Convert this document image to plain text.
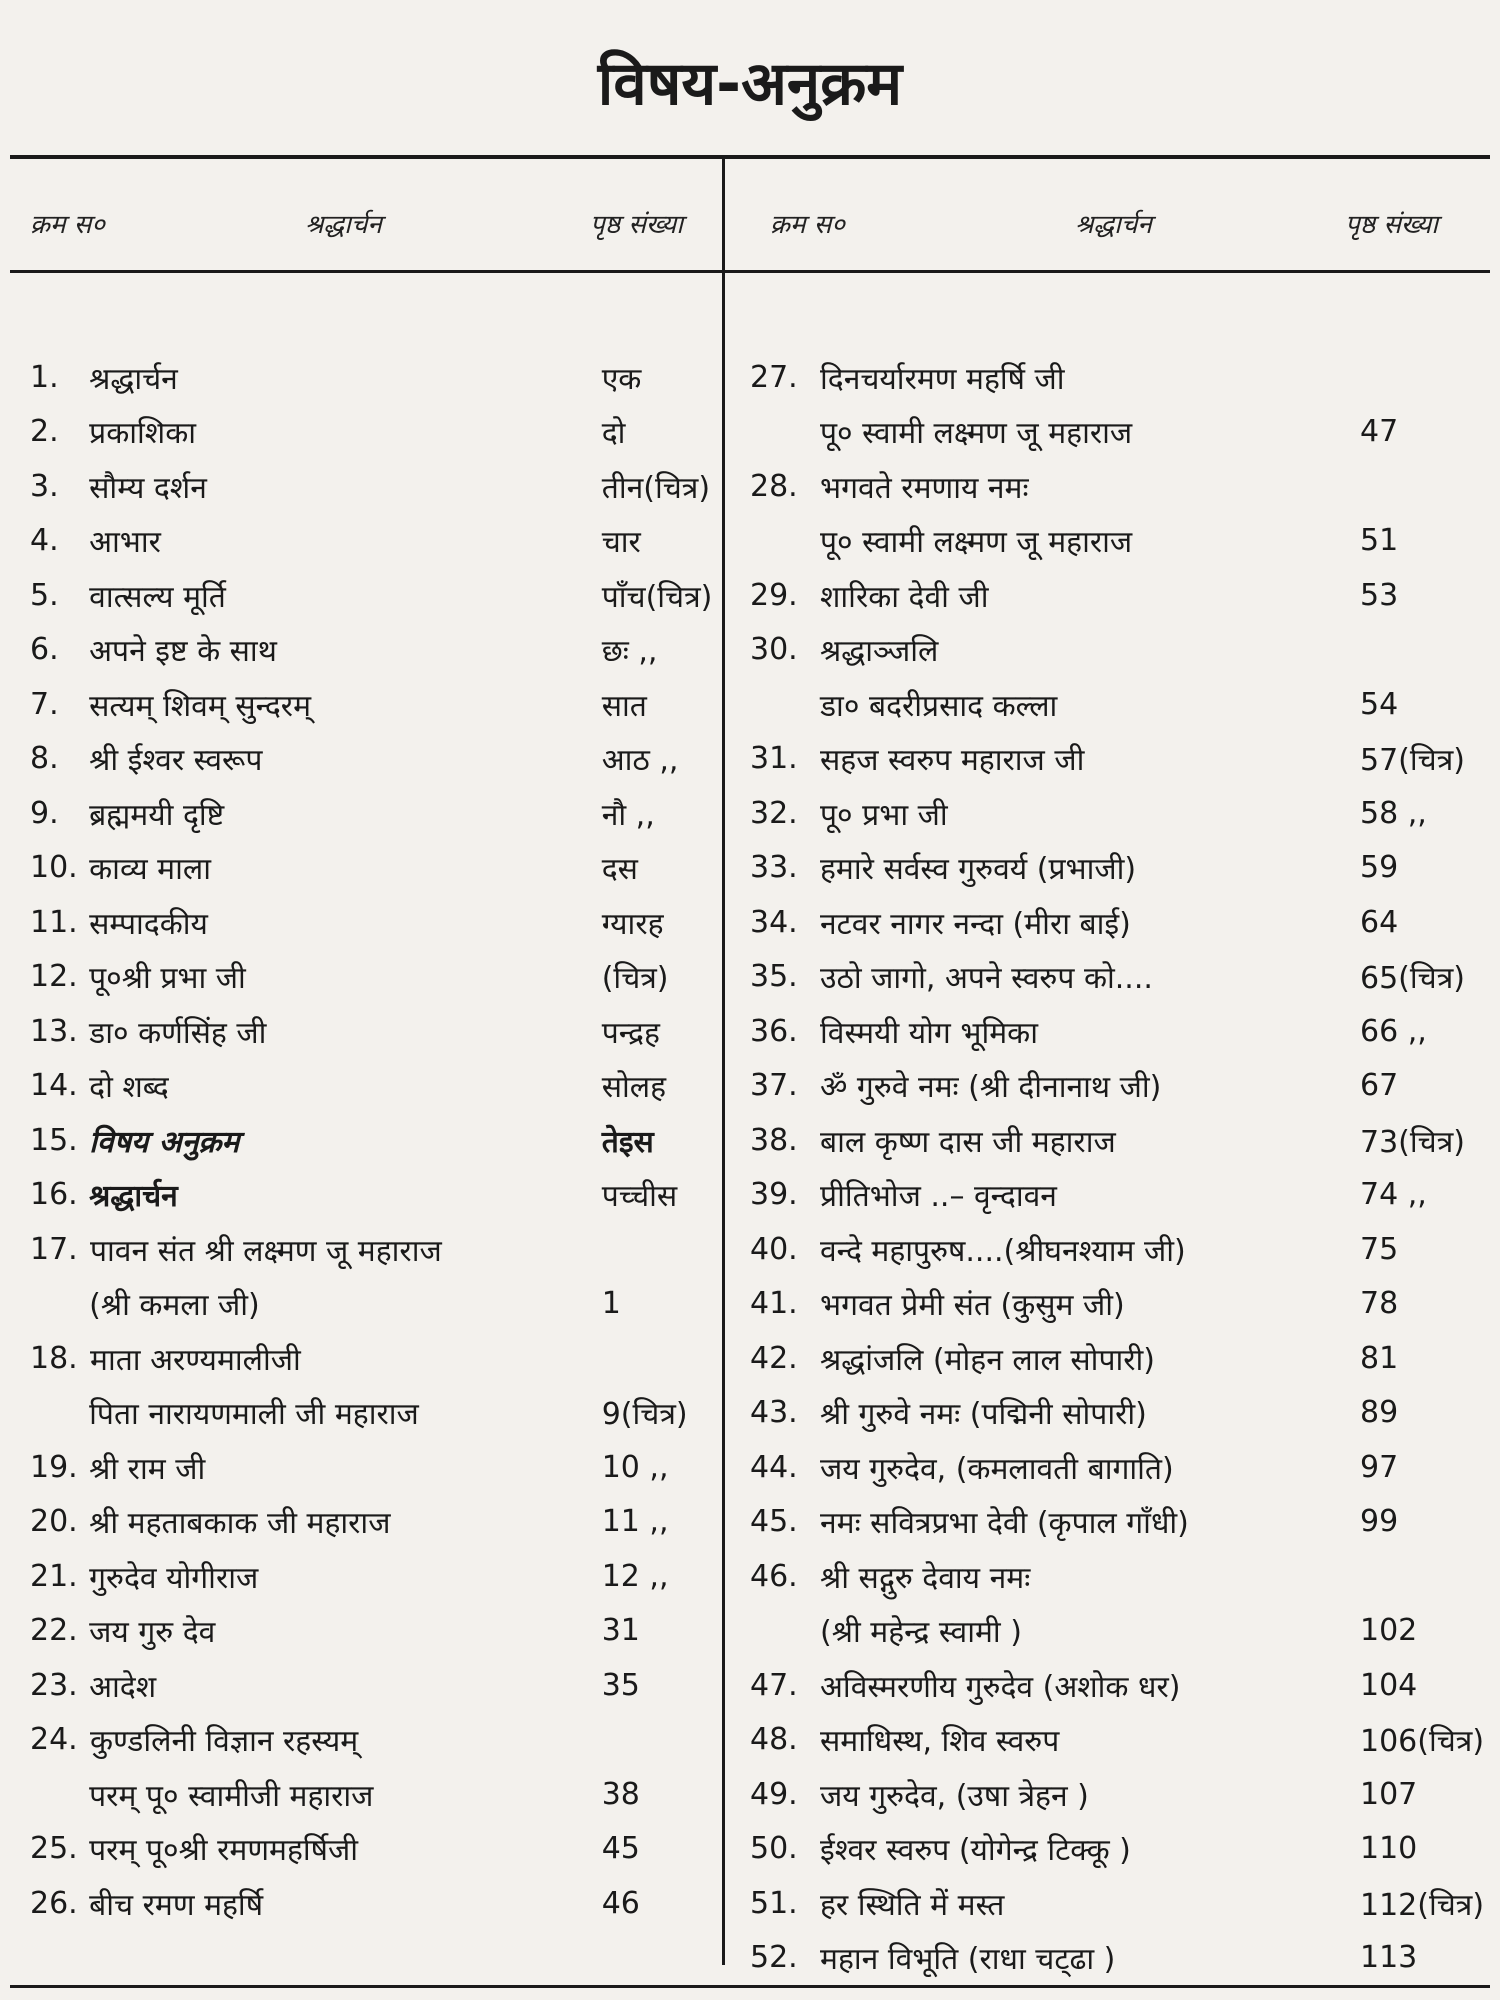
विषय-अनुक्रम
क्रम स०	श्रद्धार्चन	पृष्ठ संख्या	क्रम स०	श्रद्धार्चन	पृष्ठ संख्या
1.	श्रद्धार्चन	एक
2.	प्रकाशिका	दो
3.	सौम्य दर्शन	तीन(चित्र)
4.	आभार	चार
5.	वात्सल्य मूर्ति	पाँच(चित्र)
6.	अपने इष्ट के साथ	छः ,,
7.	सत्यम् शिवम् सुन्दरम्	सात
8.	श्री ईश्वर स्वरूप	आठ ,,
9.	ब्रह्ममयी दृष्टि	नौ ,,
10. काव्य माला	दस
11. सम्पादकीय	ग्यारह
12. पू०श्री प्रभा जी	(चित्र)
13. डा० कर्णसिंह जी	पन्द्रह
14. दो शब्द	सोलह
15. विषय अनुक्रम	तेइस
16. श्रद्धार्चन	पच्चीस
17. पावन संत श्री लक्ष्मण जू महाराज
(श्री कमला जी)	1
18. माता अरण्यमालीजी
पिता नारायणमाली जी महाराज	9(चित्र)
19. श्री राम जी	10 ,,
20. श्री महताबकाक जी महाराज	11 ,,
21. गुरुदेव योगीराज	12 ,,
22. जय गुरु देव	31
23. आदेश	35
24. कुण्डलिनी विज्ञान रहस्यम्
परम् पू० स्वामीजी महाराज	38
25. परम् पू०श्री रमणमहर्षिजी	45
26. बीच रमण महर्षि	46
27. दिनचर्यारमण महर्षि जी
पू० स्वामी लक्ष्मण जू महाराज	47
28. भगवते रमणाय नमः
पू० स्वामी लक्ष्मण जू महाराज	51
29. शारिका देवी जी	53
30. श्रद्धाञ्जलि
डा० बदरीप्रसाद कल्ला	54
31. सहज स्वरुप महाराज जी	57(चित्र)
32. पू० प्रभा जी	58 ,,
33. हमारे सर्वस्व गुरुवर्य (प्रभाजी)	59
34. नटवर नागर नन्दा (मीरा बाई)	64
35. उठो जागो, अपने स्वरुप को....	65(चित्र)
36. विस्मयी योग भूमिका	66 ,,
37. ॐ गुरुवे नमः (श्री दीनानाथ जी)	67
38. बाल कृष्ण दास जी महाराज	73(चित्र)
39. प्रीतिभोज ..– वृन्दावन	74 ,,
40. वन्दे महापुरुष....(श्रीघनश्याम जी)	75
41. भगवत प्रेमी संत (कुसुम जी)	78
42. श्रद्धांजलि (मोहन लाल सोपारी)	81
43. श्री गुरुवे नमः (पद्मिनी सोपारी)	89
44. जय गुरुदेव, (कमलावती बागाति)	97
45. नमः सवित्रप्रभा देवी (कृपाल गाँधी)	99
46. श्री सद्गुरु देवाय नमः
(श्री महेन्द्र स्वामी )	102
47. अविस्मरणीय गुरुदेव (अशोक धर)	104
48. समाधिस्थ, शिव स्वरुप	106(चित्र)
49. जय गुरुदेव, (उषा त्रेहन )	107
50. ईश्वर स्वरुप (योगेन्द्र टिक्कू )	110
51. हर स्थिति में मस्त	112(चित्र)
52. महान विभूति (राधा चट्ढा )	113
